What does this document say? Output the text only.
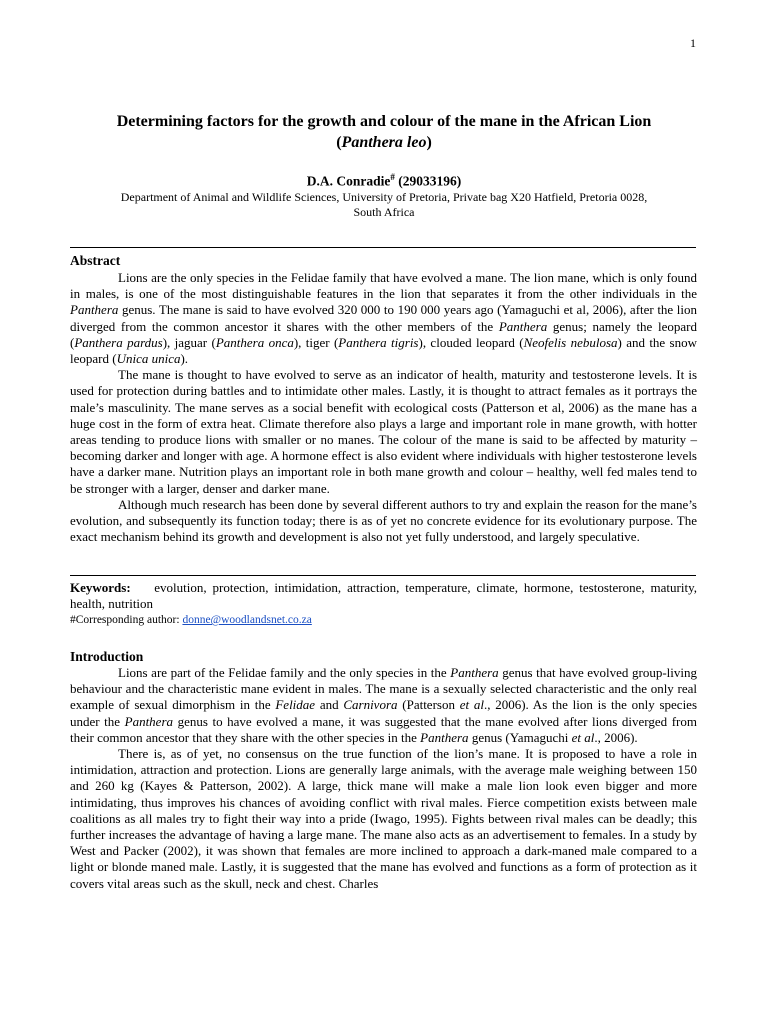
1
Determining factors for the growth and colour of the mane in the African Lion
(Panthera leo)
D.A. Conradie# (29033196)
Department of Animal and Wildlife Sciences, University of Pretoria, Private bag X20 Hatfield, Pretoria 0028,
South Africa
Abstract

Lions are the only species in the Felidae family that have evolved a mane. The lion mane, which is only found in males, is one of the most distinguishable features in the lion that separates it from the other individuals in the Panthera genus. The mane is said to have evolved 320 000 to 190 000 years ago (Yamaguchi et al, 2006), after the lion diverged from the common ancestor it shares with the other members of the Panthera genus; namely the leopard (Panthera pardus), jaguar (Panthera onca), tiger (Panthera tigris), clouded leopard (Neofelis nebulosa) and the snow leopard (Unica unica).

The mane is thought to have evolved to serve as an indicator of health, maturity and testosterone levels. It is used for protection during battles and to intimidate other males. Lastly, it is thought to attract females as it portrays the male’s masculinity. The mane serves as a social benefit with ecological costs (Patterson et al, 2006) as the mane has a huge cost in the form of extra heat. Climate therefore also plays a large and important role in mane growth, with hotter areas tending to produce lions with smaller or no manes. The colour of the mane is said to be affected by maturity – becoming darker and longer with age. A hormone effect is also evident where individuals with higher testosterone levels have a darker mane. Nutrition plays an important role in both mane growth and colour – healthy, well fed males tend to be stronger with a larger, denser and darker mane.

Although much research has been done by several different authors to try and explain the reason for the mane’s evolution, and subsequently its function today; there is as of yet no concrete evidence for its evolutionary purpose. The exact mechanism behind its growth and development is also not yet fully understood, and largely speculative.

Keywords: evolution, protection, intimidation, attraction, temperature, climate, hormone, testosterone, maturity, health, nutrition
#Corresponding author: donne@woodlandsnet.co.za
Introduction

Lions are part of the Felidae family and the only species in the Panthera genus that have evolved group-living behaviour and the characteristic mane evident in males. The mane is a sexually selected characteristic and the only real example of sexual dimorphism in the Felidae and Carnivora (Patterson et al., 2006). As the lion is the only species under the Panthera genus to have evolved a mane, it was suggested that the mane evolved after lions diverged from their common ancestor that they share with the other species in the Panthera genus (Yamaguchi et al., 2006).

There is, as of yet, no consensus on the true function of the lion’s mane. It is proposed to have a role in intimidation, attraction and protection. Lions are generally large animals, with the average male weighing between 150 and 260 kg (Kayes & Patterson, 2002). A large, thick mane will make a male lion look even bigger and more intimidating, thus improves his chances of avoiding conflict with rival males. Fierce competition exists between male coalitions as all males try to fight their way into a pride (Iwago, 1995). Fights between rival males can be deadly; this further increases the advantage of having a large mane. The mane also acts as an advertisement to females. In a study by West and Packer (2002), it was shown that females are more inclined to approach a dark-maned male compared to a light or blonde maned male. Lastly, it is suggested that the mane has evolved and functions as a form of protection as it covers vital areas such as the skull, neck and chest. Charles
